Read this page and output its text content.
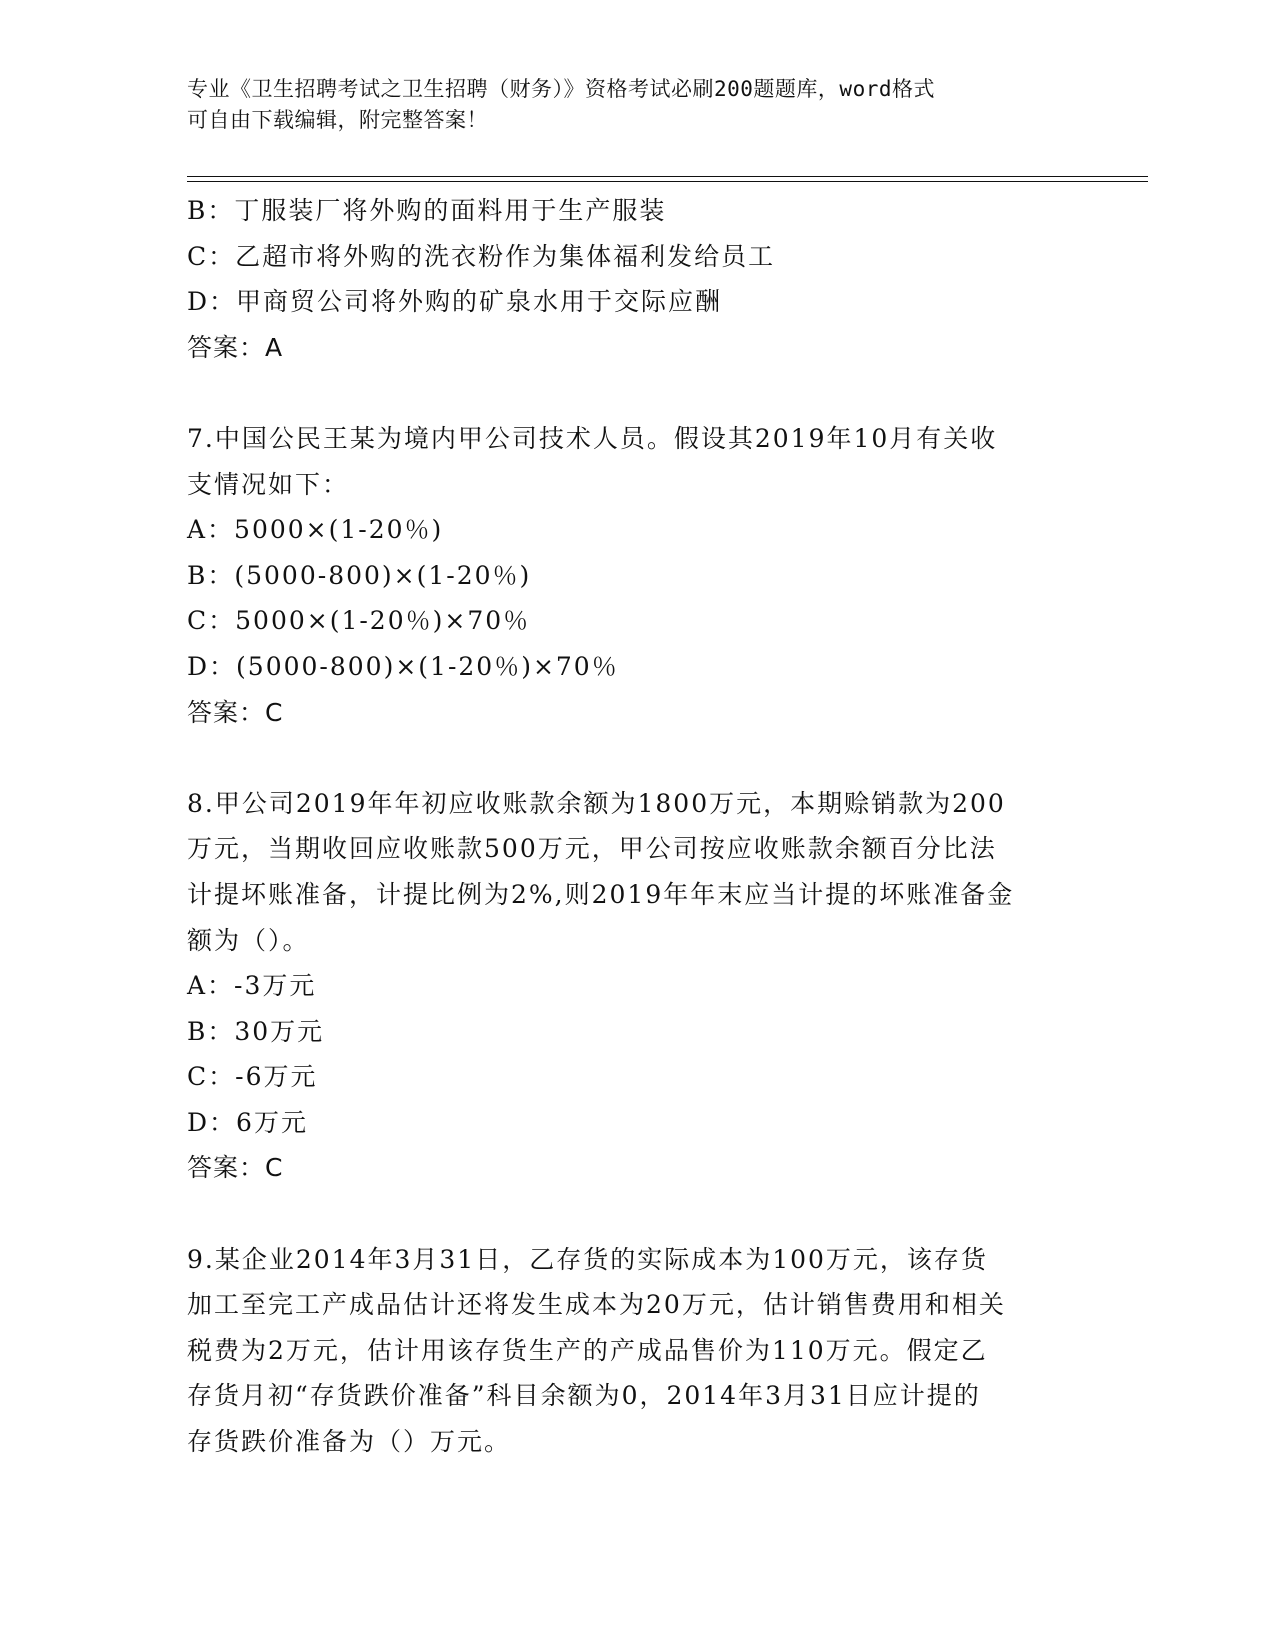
专业《卫生招聘考试之卫生招聘（财务）》资格考试必刷200题题库，word格式
可自由下载编辑，附完整答案！
B：丁服装厂将外购的面料用于生产服装
C：乙超市将外购的洗衣粉作为集体福利发给员工
D：甲商贸公司将外购的矿泉水用于交际应酬
答案：A
7.中国公民王某为境内甲公司技术人员。假设其2019年10月有关收
支情况如下：
A：5000×(1-20％)
B：(5000-800)×(1-20％)
C：5000×(1-20％)×70％
D：(5000-800)×(1-20％)×70％
答案：C
8.甲公司2019年年初应收账款余额为1800万元，本期赊销款为200
万元，当期收回应收账款500万元，甲公司按应收账款余额百分比法
计提坏账准备，计提比例为2%,则2019年年末应当计提的坏账准备金
额为（）。
A：-3万元
B：30万元
C：-6万元
D：6万元
答案：C
9.某企业2014年3月31日，乙存货的实际成本为100万元，该存货
加工至完工产成品估计还将发生成本为20万元，估计销售费用和相关
税费为2万元，估计用该存货生产的产成品售价为110万元。假定乙
存货月初“存货跌价准备”科目余额为0，2014年3月31日应计提的
存货跌价准备为（）万元。
